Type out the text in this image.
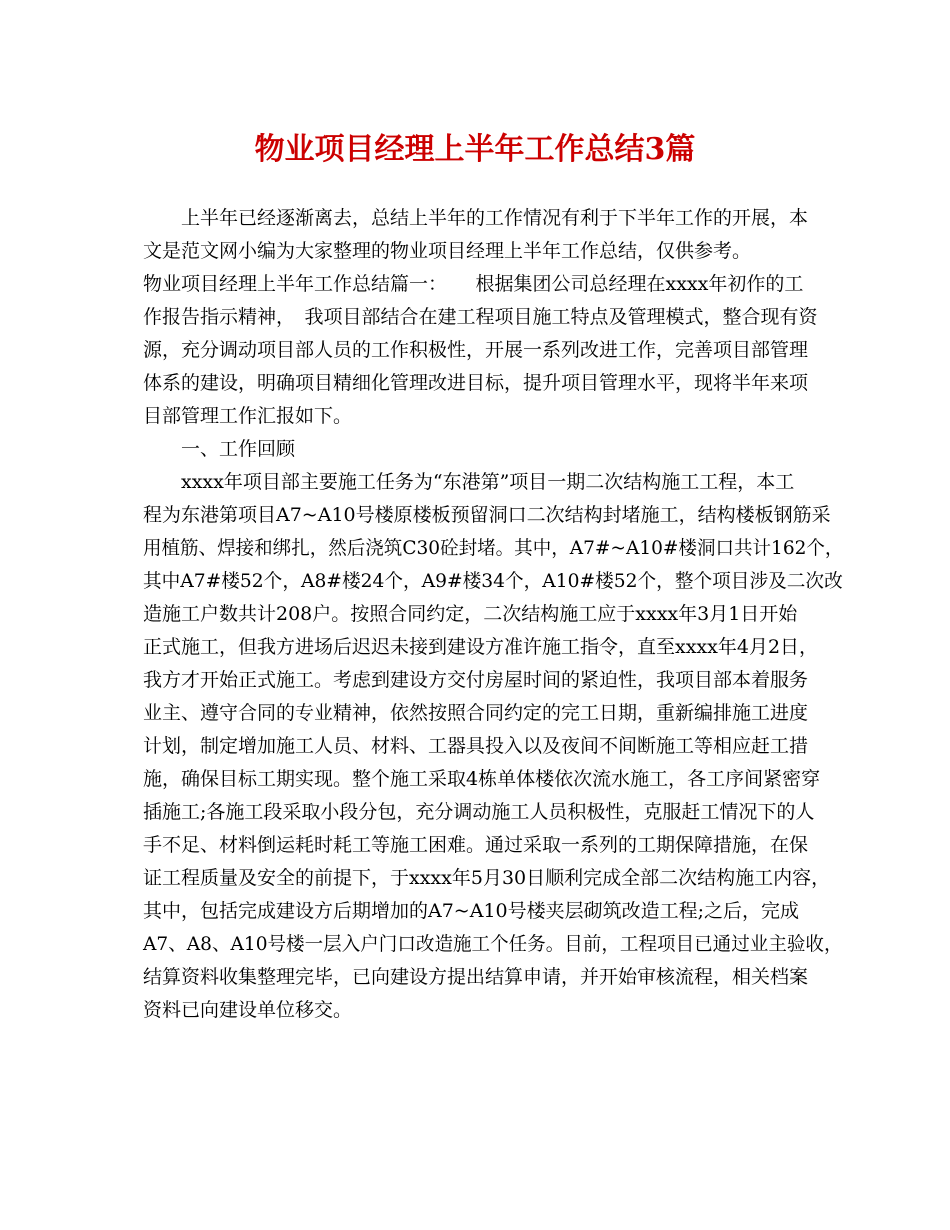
物业项目经理上半年工作总结3篇
　　上半年已经逐渐离去，总结上半年的工作情况有利于下半年工作的开展，本
文是范文网小编为大家整理的物业项目经理上半年工作总结，仅供参考。
物业项目经理上半年工作总结篇一：　　根据集团公司总经理在xxxx年初作的工
作报告指示精神，　我项目部结合在建工程项目施工特点及管理模式，整合现有资
源，充分调动项目部人员的工作积极性，开展一系列改进工作，完善项目部管理
体系的建设，明确项目精细化管理改进目标，提升项目管理水平，现将半年来项
目部管理工作汇报如下。
　　一、工作回顾
　　xxxx年项目部主要施工任务为“东港第”项目一期二次结构施工工程，本工
程为东港第项目A7~A10号楼原楼板预留洞口二次结构封堵施工，结构楼板钢筋采
用植筋、焊接和绑扎，然后浇筑C30砼封堵。其中，A7#~A10#楼洞口共计162个，
其中A7#楼52个，A8#楼24个，A9#楼34个，A10#楼52个，整个项目涉及二次改
造施工户数共计208户。按照合同约定，二次结构施工应于xxxx年3月1日开始
正式施工，但我方进场后迟迟未接到建设方准许施工指令，直至xxxx年4月2日，
我方才开始正式施工。考虑到建设方交付房屋时间的紧迫性，我项目部本着服务
业主、遵守合同的专业精神，依然按照合同约定的完工日期，重新编排施工进度
计划，制定增加施工人员、材料、工器具投入以及夜间不间断施工等相应赶工措
施，确保目标工期实现。整个施工采取4栋单体楼依次流水施工，各工序间紧密穿
插施工;各施工段采取小段分包，充分调动施工人员积极性，克服赶工情况下的人
手不足、材料倒运耗时耗工等施工困难。通过采取一系列的工期保障措施，在保
证工程质量及安全的前提下，于xxxx年5月30日顺利完成全部二次结构施工内容，
其中，包括完成建设方后期增加的A7~A10号楼夹层砌筑改造工程;之后，完成
A7、A8、A10号楼一层入户门口改造施工个任务。目前，工程项目已通过业主验收，
结算资料收集整理完毕，已向建设方提出结算申请，并开始审核流程，相关档案
资料已向建设单位移交。
